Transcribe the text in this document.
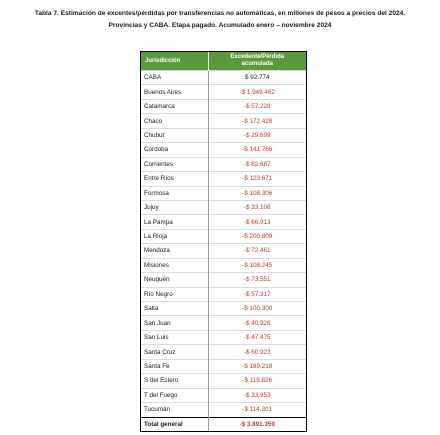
Tabla 7. Estimación de excentes/pérdidas por transferencias no automáticas, en millones de pesos a precios del 2024.
Provincias y CABA. Etapa pagado. Acumulado enero – noviembre 2024
Jurisdicción	Excedente/Pérdida
acumulada

CABA	$ 92.774
Buenos Aires	-$ 1.949.462
Catamarca	-$ 57.228
Chaco	-$ 172.428
Chubut	-$ 29.699
Córdoba	-$ 141.766
Corrientes	-$ 82.687
Entre Ríos	-$ 123.671
Formosa	-$ 108.306
Jujuy	-$ 33.108
La Pampa	-$ 66.913
La Rioja	-$ 200.809
Mendoza	-$ 72.461
Misiones	-$ 108.245
Neuquén	-$ 73.551
Río Negro	-$ 57.317
Salta	-$ 100.300
San Juan	-$ 40.928
San Luis	-$ 47.475
Santa Cruz	-$ 60.923
Santa Fe	-$ 189.218
S del Estero	-$ 119.826
T del Fuego	-$ 33.953
Tucumán	-$ 114.301
Total general	-$ 3.891.359
